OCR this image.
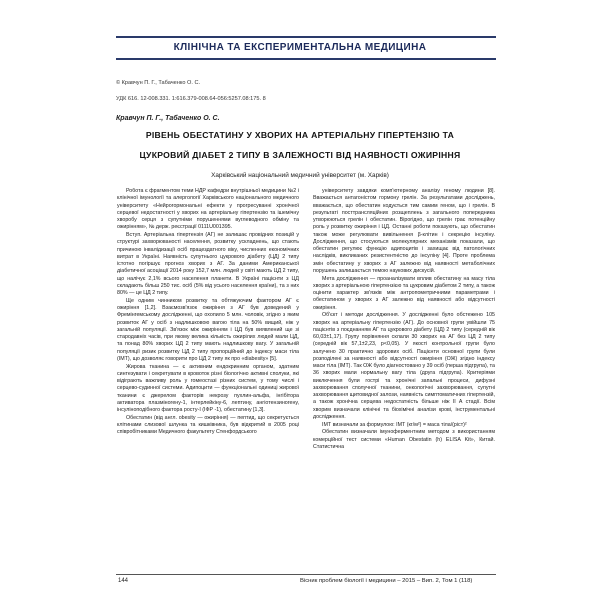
КЛІНІЧНА ТА ЕКСПЕРИМЕНТАЛЬНА МЕДИЦИНА
© Кравчун П. Г., Табаченко О. С.
УДК 616. 12-008.331. 1:616.379-008.64-056:5257.08:175. 8
Кравчун П. Г., Табаченко О. С.
РІВЕНЬ ОБЕСТАТИНУ У ХВОРИХ НА АРТЕРІАЛЬНУ ГІПЕРТЕНЗІЮ ТА
ЦУКРОВИЙ ДІАБЕТ 2 ТИПУ В ЗАЛЕЖНОСТІ ВІД НАЯВНОСТІ ОЖИРІННЯ
Харківський національний медичний університет (м. Харків)

Робота є фрагментом теми НДР кафедри внутрішньої медицини №2 і клінічної імунології та алергології Харківського національного медичного університету «Нейрогормональні ефекти у прогресуванні хронічної серцевої недостатності у хворих на артеріальну гіпертензію та ішемічну хворобу серця з супутніми порушеннями вуглеводного обміну та ожирінням», № держ. реєстрації 0111U001395.

Вступ. Артеріальна гіпертензія (АГ) не залишає провідних позицій у структурі захворюваності населення, розвитку ускладнень, що стають причиною інвалідизації осіб працездатного віку, численних економічних витрат в Україні. Наявність супутнього цукрового діабету (ЦД) 2 типу істотно погіршує прогноз хворих з АГ. За даними Американської діабетичної асоціації 2014 року 152,7 млн. людей у світі мають ЦД 2 типу, що налічує 2,1% всього населення планети. В Україні пацієнти з ЦД складають більш 250 тис. осіб (5% від усього населення країни), та з них 80% — це ЦД 2 типу.

Ще одним чинником розвитку та обтяжуючим фактором АГ є ожиріння [1,2]. Взаємозв'язок ожиріння з АГ був доведений у Фремінгемському дослідженні, що охопило 5 млн. чоловік, згідно з яким розвиток АГ у осіб з надлишковою вагою тіла на 50% вищий, ніж у загальній популяції. Зв'язок між ожирінням і ЦД був виявлений ще зі стародавніх часів, при якому велика кількість ожирілих людей мали ЦД, та понад 80% хворих ЦД 2 типу мають надлишкову вагу. У загальній популяції ризик розвитку ЦД 2 типу пропорційний до індексу маси тіла (ІМТ), що дозволяє говорити про ЦД 2 типу як про «diabesity» [5].

Жирова тканина — є активним ендокринним органом, здатним синтезувати і секретувати в кровоток різні біологічно активні сполуки, які відіграють важливу роль у гомеостазі різних систем, у тому числі і серцево-судинної системи. Адипоцити — функціональні одиниці жирової тканини є джерелом факторів некрозу пухлин-альфа, інгібітора активатора плазміногену-1, інтерлейкіну-6, лептину, ангіотензиногену, інсуліноподібного фактора росту-І (ІФР -1), обестатину [1,3].

Обестатин (від англ. obesity — ожиріння) — пептид, що секретується клітинами слизової шлунка та кишківника, був відкритий в 2005 році співробітниками Медичного факультету Стенфордського

університету завдяки комп'ютерному аналізу геному людини [8]. Вважається антагоністом гормону грелін. За результатами досліджень, вважається, що обестатин кодується тим самим геном, що і грелін. В результаті посттрансляційних розщеплень з загального попередника утворюються грелін і обестатин. Вірогідно, що грелін грає потенційну роль у розвитку ожиріння і ЦД. Останні роботи показують, що обестатин також може регулювати вивільнення β-клітин і секрецію інсуліну. Дослідження, що стосуються молекулярних механізмів показали, що обестатин регулює функцію адипоцитів і захищає від патологічних наслідків, викликаних резистентністю до інсуліну [4]. Проте проблема змін обестатину у хворих з АГ залежно від наявності метаболічних порушень залишається темою наукових дискусій.

Мета дослідження — проаналізувати вплив обестатину на масу тіла хворих з артеріальною гіпертензією та цукровим діабетом 2 типу, а також оцінити характер зв'язків між антропометричними параметрами і обестатином у хворих з АГ залежно від наявності або відсутності ожиріння.

Об'єкт і методи дослідження. У дослідженні було обстежено 105 хворих на артеріальну гіпертензію (АГ). До основної групи увійшли 75 пацієнтів з поєднанням АГ та цукрового діабету (ЦД) 2 типу (середній вік 60,03±1,17). Групу порівняння склали 30 хворих на АГ без ЦД 2 типу (середній вік 57,1±2,23, p<0,05). У якості контрольної групи було залучено 30 практично здорових осіб. Пацієнти основної групи були розподілені за наявності або відсутності ожиріння (ОЖ) згідно індексу маси тіла (ІМТ). Так ОЖ було діагностовано у 39 осіб (перша підгрупа), та 36 хворих мали нормальну вагу тіла (друга підгрупа). Критеріями виключення були гострі та хронічні запальні процеси, дифузні захворювання сполучної тканини, онкологічні захворювання, супутні захворювання щитовидної залози, наявність симптоматичних гіпертензій, а також хронічна серцева недостатність більше ніж II А стадії. Всім хворим визначали клінічні та біохімічні аналізи крові, інструментальні дослідження.

ІМТ визначали за формулою: ІМТ (кг/м²) = маса тіла/(ріст)²

Обестатин визначали імуноферментним методом з використанням комерційної тест системи «Human Obestatin (h) ELISA Kit», Китай. Статистична

144	Вісник проблем біології і медицини – 2015 – Вип. 2, Том 1 (118)
